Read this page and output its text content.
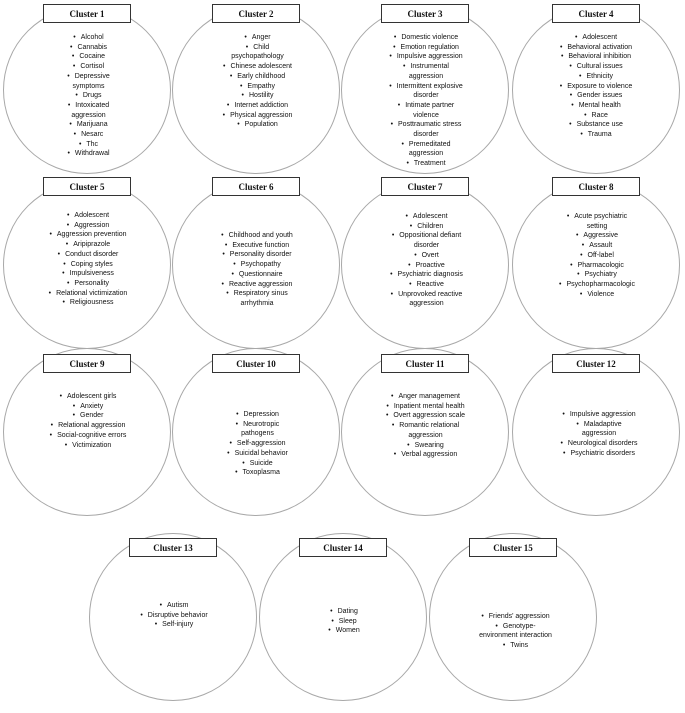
Cluster 1
• Alcohol
• Cannabis
• Cocaine
• Cortisol
• Depressive symptoms
• Drugs
• Intoxicated aggression
• Marijuana
• Nesarc
• Thc
• Withdrawal
Cluster 2
• Anger
• Child psychopathology
• Chinese adolescent
• Early childhood
• Empathy
• Hostility
• Internet addiction
• Physical aggression
• Population
Cluster 3
• Domestic violence
• Emotion regulation
• Impulsive aggression
• Instrumental aggression
• Intermittent explosive disorder
• Intimate partner violence
• Posttraumatic stress disorder
• Premeditated aggression
• Treatment
Cluster 4
• Adolescent
• Behavioral activation
• Behavioral inhibition
• Cultural issues
• Ethnicity
• Exposure to violence
• Gender issues
• Mental health
• Race
• Substance use
• Trauma
Cluster 5
• Adolescent
• Aggression
• Aggression prevention
• Aripiprazole
• Conduct disorder
• Coping styles
• Impulsiveness
• Personality
• Relational victimization
• Religiousness
Cluster 6
• Childhood and youth
• Executive function
• Personality disorder
• Psychopathy
• Questionnaire
• Reactive aggression
• Respiratory sinus arrhythmia
Cluster 7
• Adolescent
• Children
• Oppositional defiant disorder
• Overt
• Proactive
• Psychiatric diagnosis
• Reactive
• Unprovoked reactive aggression
Cluster 8
• Acute psychiatric setting
• Aggressive
• Assault
• Off-label
• Pharmacologic
• Psychiatry
• Psychopharmacologic
• Violence
Cluster 9
• Adolescent girls
• Anxiety
• Gender
• Relational aggression
• Social-cognitive errors
• Victimization
Cluster 10
• Depression
• Neurotropic pathogens
• Self-aggression
• Suicidal behavior
• Suicide
• Toxoplasma
Cluster 11
• Anger management
• Inpatient mental health
• Overt aggression scale
• Romantic relational aggression
• Swearing
• Verbal aggression
Cluster 12
• Impulsive aggression
• Maladaptive aggression
• Neurological disorders
• Psychiatric disorders
Cluster 13
• Autism
• Disruptive behavior
• Self-injury
Cluster 14
• Dating
• Sleep
• Women
Cluster 15
• Friends' aggression
• Genotype-environment interaction
• Twins
